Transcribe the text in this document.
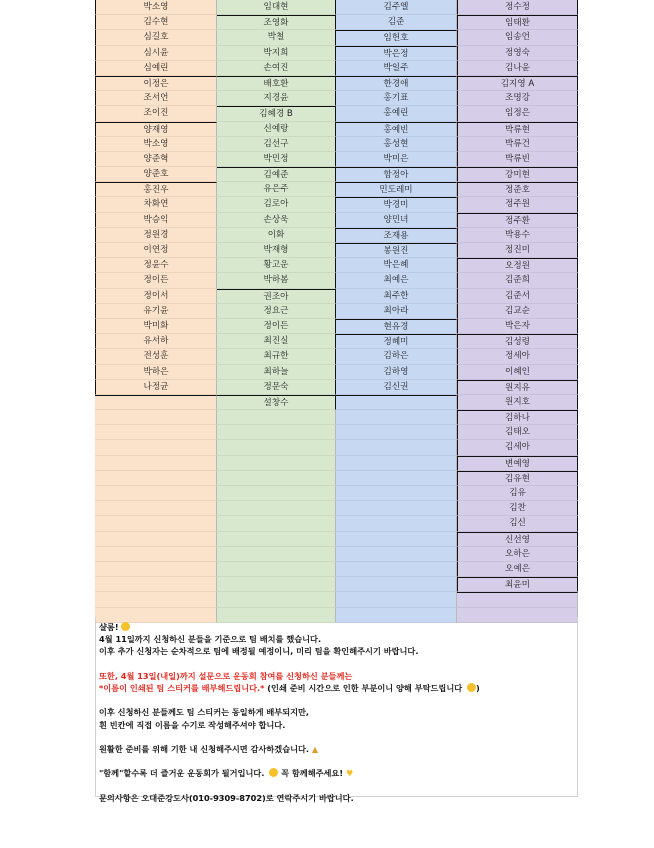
박소영
김수현
심길호
심시윤
심예린
이정은
조서언
조이진
양재영
박소영
양준혁
양준호
홍진우
차화연
박승익
정원경
이연정
정윤수
정이든
정이서
유기윤
박미화
유서하
전성훈
박하은
나정균
임대현
조영화
박철
박지희
손여진
배호환
지경윤
김혜경 B
신예랑
김선구
박민정
김예준
유은주
김로아
손상욱
이화
박재형
황고운
박하봄
권조아
정요근
정이든
최진실
최규한
최하늘
정문숙
설창수
김주엘
김준
임헌호
박은정
박일주
한경애
홍기표
홍예린
홍예빈
홍성현
박미은
함정아
민도레미
박경미
양민녀
조재용
봉원진
박은혜
최예은
최주한
최아라
현유경
정혜미
김하은
김하영
김신권
정수정
임태환
임송언
정영숙
김나윤
김지영 A
조명강
임정은
박류현
박류건
박류빈
강미현
정준호
정주원
정주환
박용수
정진미
오정원
김준희
김준서
김교순
박은자
김성령
정세아
이혜인
원지유
원지호
김하나
김태오
김세아
변예영
김유현
김유
김찬
김신
신선영
오하은
오예은
최윤미

샬롬!

4월 11일까지 신청하신 분들을 기준으로 팀 배치를 했습니다.

이후 추가 신청자는 순차적으로 팀에 배정될 예정이니, 미리 팀을 확인해주시기 바랍니다.

또한, 4월 13일(내일)까지 설문으로 운동회 참여를 신청하신 분들께는

*이름이 인쇄된 팀 스티커를 배부해드립니다.* (인쇄 준비 시간으로 인한 부분이니 양해 부탁드립니다 )

이후 신청하신 분들께도 팀 스티커는 동일하게 배부되지만,

흰 빈칸에 직접 이름을 수기로 작성해주셔야 합니다.

원활한 준비를 위해 기한 내 신청해주시면 감사하겠습니다. ▲

"함께"할수록 더 즐거운 운동회가 될거입니다.  꼭 함께해주세요! ♥

문의사항은 오대준강도사(010-9309-8702)로 연락주시기 바랍니다.
